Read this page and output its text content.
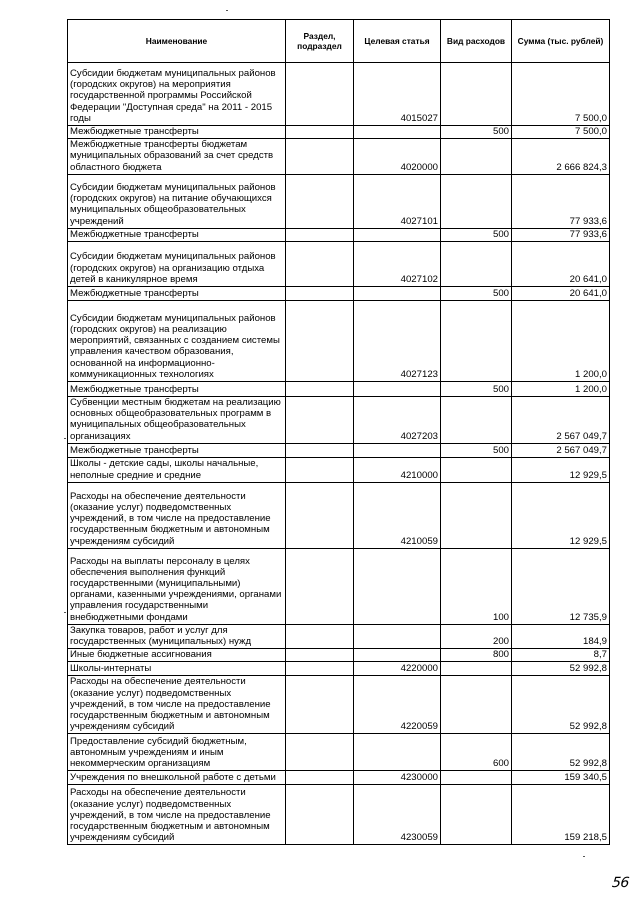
Наименование	Раздел, подраздел	Целевая статья	Вид расходов	Сумма (тыс. рублей)
Субсидии бюджетам муниципальных районов (городских округов) на мероприятия государственной программы Российской Федерации "Доступная среда" на 2011 - 2015 годы		4015027		7 500,0
Межбюджетные трансферты			500	7 500,0
Межбюджетные трансферты бюджетам муниципальных образований за счет средств областного бюджета		4020000		2 666 824,3
Субсидии бюджетам муниципальных районов (городских округов) на питание обучающихся муниципальных общеобразовательных учреждений		4027101		77 933,6
Межбюджетные трансферты			500	77 933,6
Субсидии бюджетам муниципальных районов (городских округов) на организацию отдыха детей в каникулярное время		4027102		20 641,0
Межбюджетные трансферты			500	20 641,0
Субсидии бюджетам муниципальных районов (городских округов) на реализацию мероприятий, связанных с созданием системы управления качеством образования, основанной на информационно-коммуникационных технологиях		4027123		1 200,0
Межбюджетные трансферты			500	1 200,0
Субвенции местным бюджетам на реализацию основных общеобразовательных программ в муниципальных общеобразовательных организациях		4027203		2 567 049,7
Межбюджетные трансферты			500	2 567 049,7
Школы - детские сады, школы начальные, неполные средние и средние		4210000		12 929,5
Расходы на обеспечение деятельности (оказание услуг) подведомственных учреждений, в том числе на предоставление государственным бюджетным и автономным учреждениям субсидий		4210059		12 929,5
Расходы на выплаты персоналу в целях обеспечения выполнения функций государственными (муниципальными) органами, казенными учреждениями, органами управления государственными внебюджетными фондами			100	12 735,9
Закупка товаров, работ и услуг для государственных (муниципальных) нужд			200	184,9
Иные бюджетные ассигнования			800	8,7
Школы-интернаты		4220000		52 992,8
Расходы на обеспечение деятельности (оказание услуг) подведомственных учреждений, в том числе на предоставление государственным бюджетным и автономным учреждениям субсидий		4220059		52 992,8
Предоставление субсидий бюджетным, автономным учреждениям и иным некоммерческим организациям			600	52 992,8
Учреждения по внешкольной работе с детьми		4230000		159 340,5
Расходы на обеспечение деятельности (оказание услуг) подведомственных учреждений, в том числе на предоставление государственным бюджетным и автономным учреждениям субсидий		4230059		159 218,5
56
